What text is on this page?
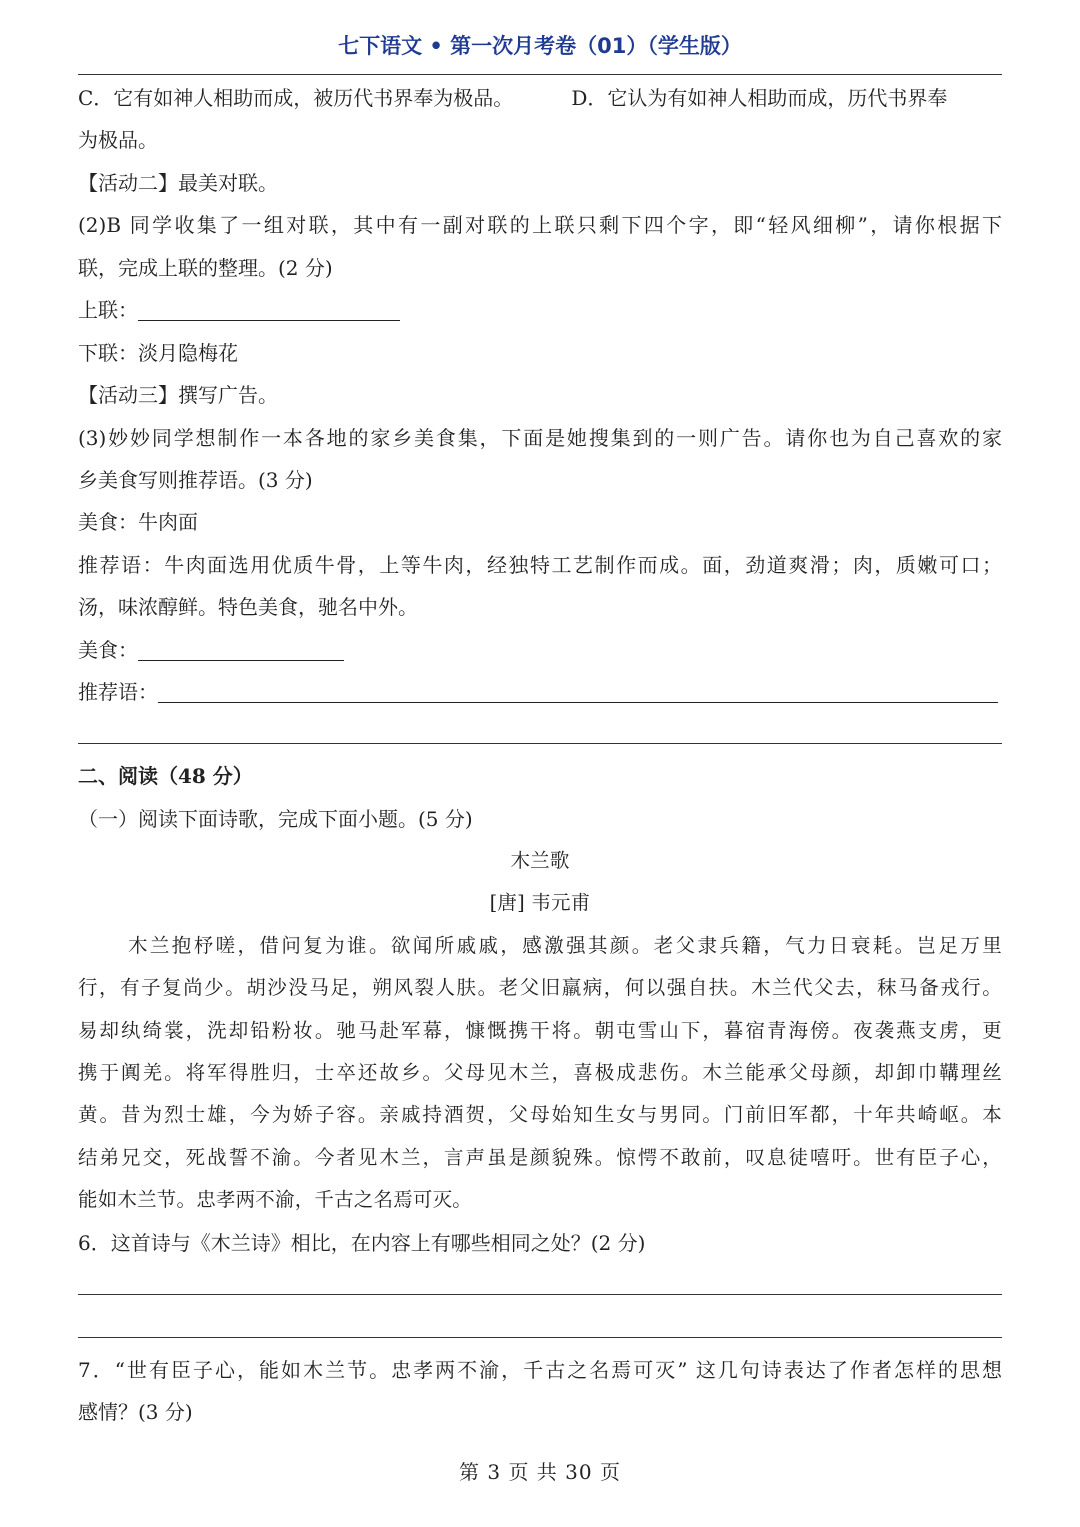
七下语文 • 第一次月考卷（01）（学生版）
C．它有如神人相助而成，被历代书界奉为极品。	D．它认为有如神人相助而成，历代书界奉
为极品。
【活动二】最美对联。
(2)B 同学收集了一组对联，其中有一副对联的上联只剩下四个字，即“轻风细柳”，请你根据下
联，完成上联的整理。(2 分)
上联：
下联：淡月隐梅花
【活动三】撰写广告。
(3)妙妙同学想制作一本各地的家乡美食集，下面是她搜集到的一则广告。请你也为自己喜欢的家
乡美食写则推荐语。(3 分)
美食：牛肉面
推荐语：牛肉面选用优质牛骨，上等牛肉，经独特工艺制作而成。面，劲道爽滑；肉，质嫩可口；
汤，味浓醇鲜。特色美食，驰名中外。
美食：
推荐语：
二、阅读（48 分）
（一）阅读下面诗歌，完成下面小题。(5 分)
木兰歌
[唐] 韦元甫
木兰抱杼嗟，借问复为谁。欲闻所戚戚，感激强其颜。老父隶兵籍，气力日衰耗。岂足万里
行，有子复尚少。胡沙没马足，朔风裂人肤。老父旧羸病，何以强自扶。木兰代父去，秣马备戎行。
易却纨绮裳，洗却铅粉妆。驰马赴军幕，慷慨携干将。朝屯雪山下，暮宿青海傍。夜袭燕支虏，更
携于阗羌。将军得胜归，士卒还故乡。父母见木兰，喜极成悲伤。木兰能承父母颜，却卸巾鞲理丝
黄。昔为烈士雄，今为娇子容。亲戚持酒贺，父母始知生女与男同。门前旧军都，十年共崎岖。本
结弟兄交，死战誓不渝。今者见木兰，言声虽是颜貌殊。惊愕不敢前，叹息徒嘻吁。世有臣子心，
能如木兰节。忠孝两不渝，千古之名焉可灭。
6．这首诗与《木兰诗》相比，在内容上有哪些相同之处？(2 分)
7．“世有臣子心，能如木兰节。忠孝两不渝，千古之名焉可灭” 这几句诗表达了作者怎样的思想
感情？(3 分)
第 3 页 共 30 页
